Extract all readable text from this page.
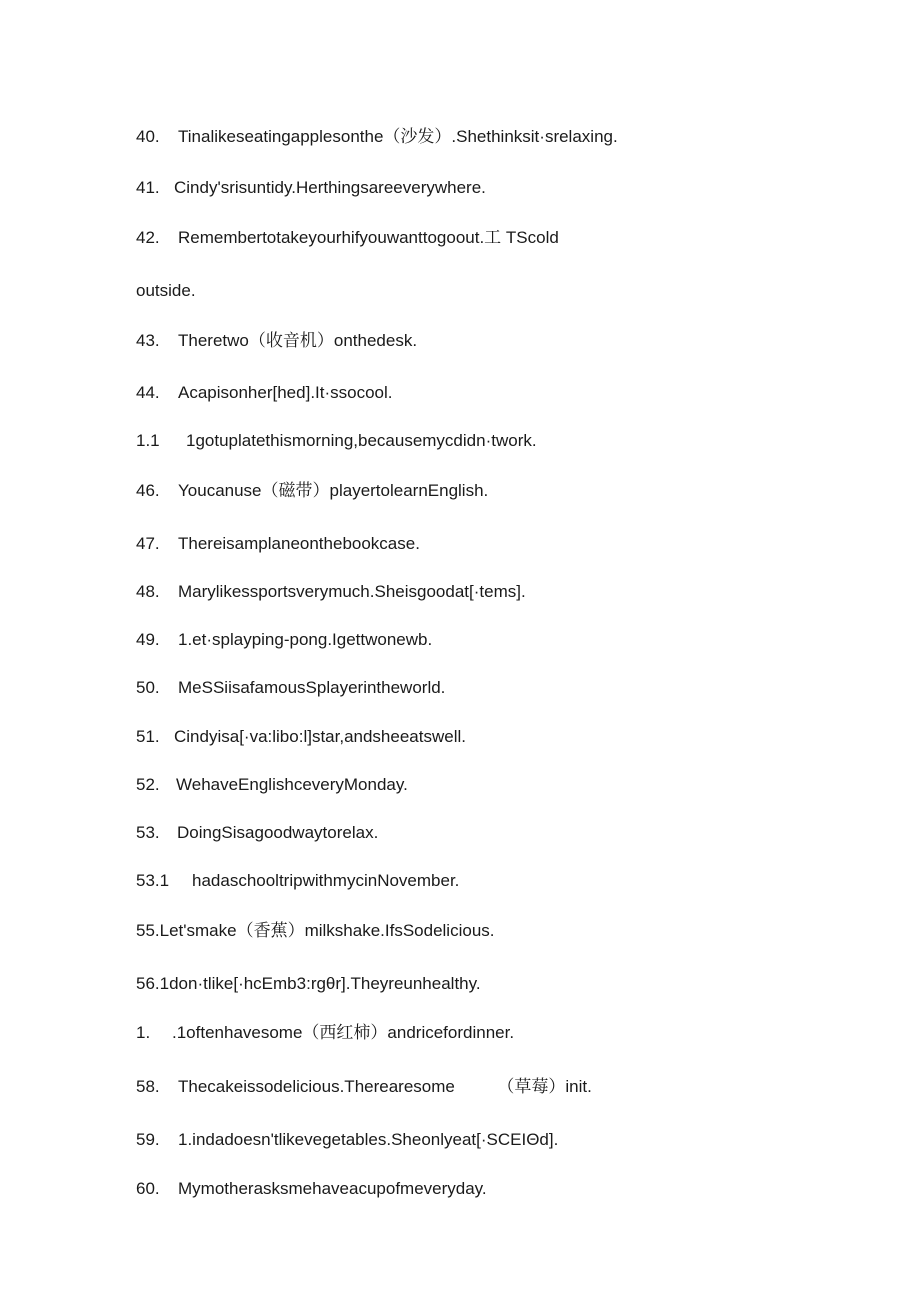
40. Tinalikeseatingapplesonthe（沙发）.Shethinksit·srelaxing.
41. Cindy'srisuntidy.Herthingsareeverywhere.
42. Remembertotakeyourhifyouwanttogoout.工 TScold
outside.
43. Theretwo（收音机）onthedesk.
44. Acapisonher[hed].It·ssocool.
1.1 1gotuplatethismorning,becausemycdidn·twork.
46. Youcanuse（磁带）playertolearnEnglish.
47. Thereisamplaneonthebookcase.
48. Marylikessportsverymuch.Sheisgoodat[·tems].
49. 1.et·splayping-pong.Igettwonewb.
50. MeSSiisafamousSplayerintheworld.
51. Cindyisa[·va:libo:l]star,andsheeatswell.
52. WehaveEnglishceveryMonday.
53. DoingSisagoodwaytorelax.
53.1 hadaschooltripwithmycinNovember.
55.Let'smake（香蕉）milkshake.IfsSodelicious.
56.1don·tlike[·hcEmb3:rgθr].Theyreunhealthy.
1. .1oftenhavesome（西红柿）andricefordinner.
58. Thecakeissodelicious.Therearesome　　　（草莓）init.
59. 1.indadoesn'tlikevegetables.Sheonlyeat[·SCEIΘd].
60. Mymotherasksmehaveacupofmeveryday.
